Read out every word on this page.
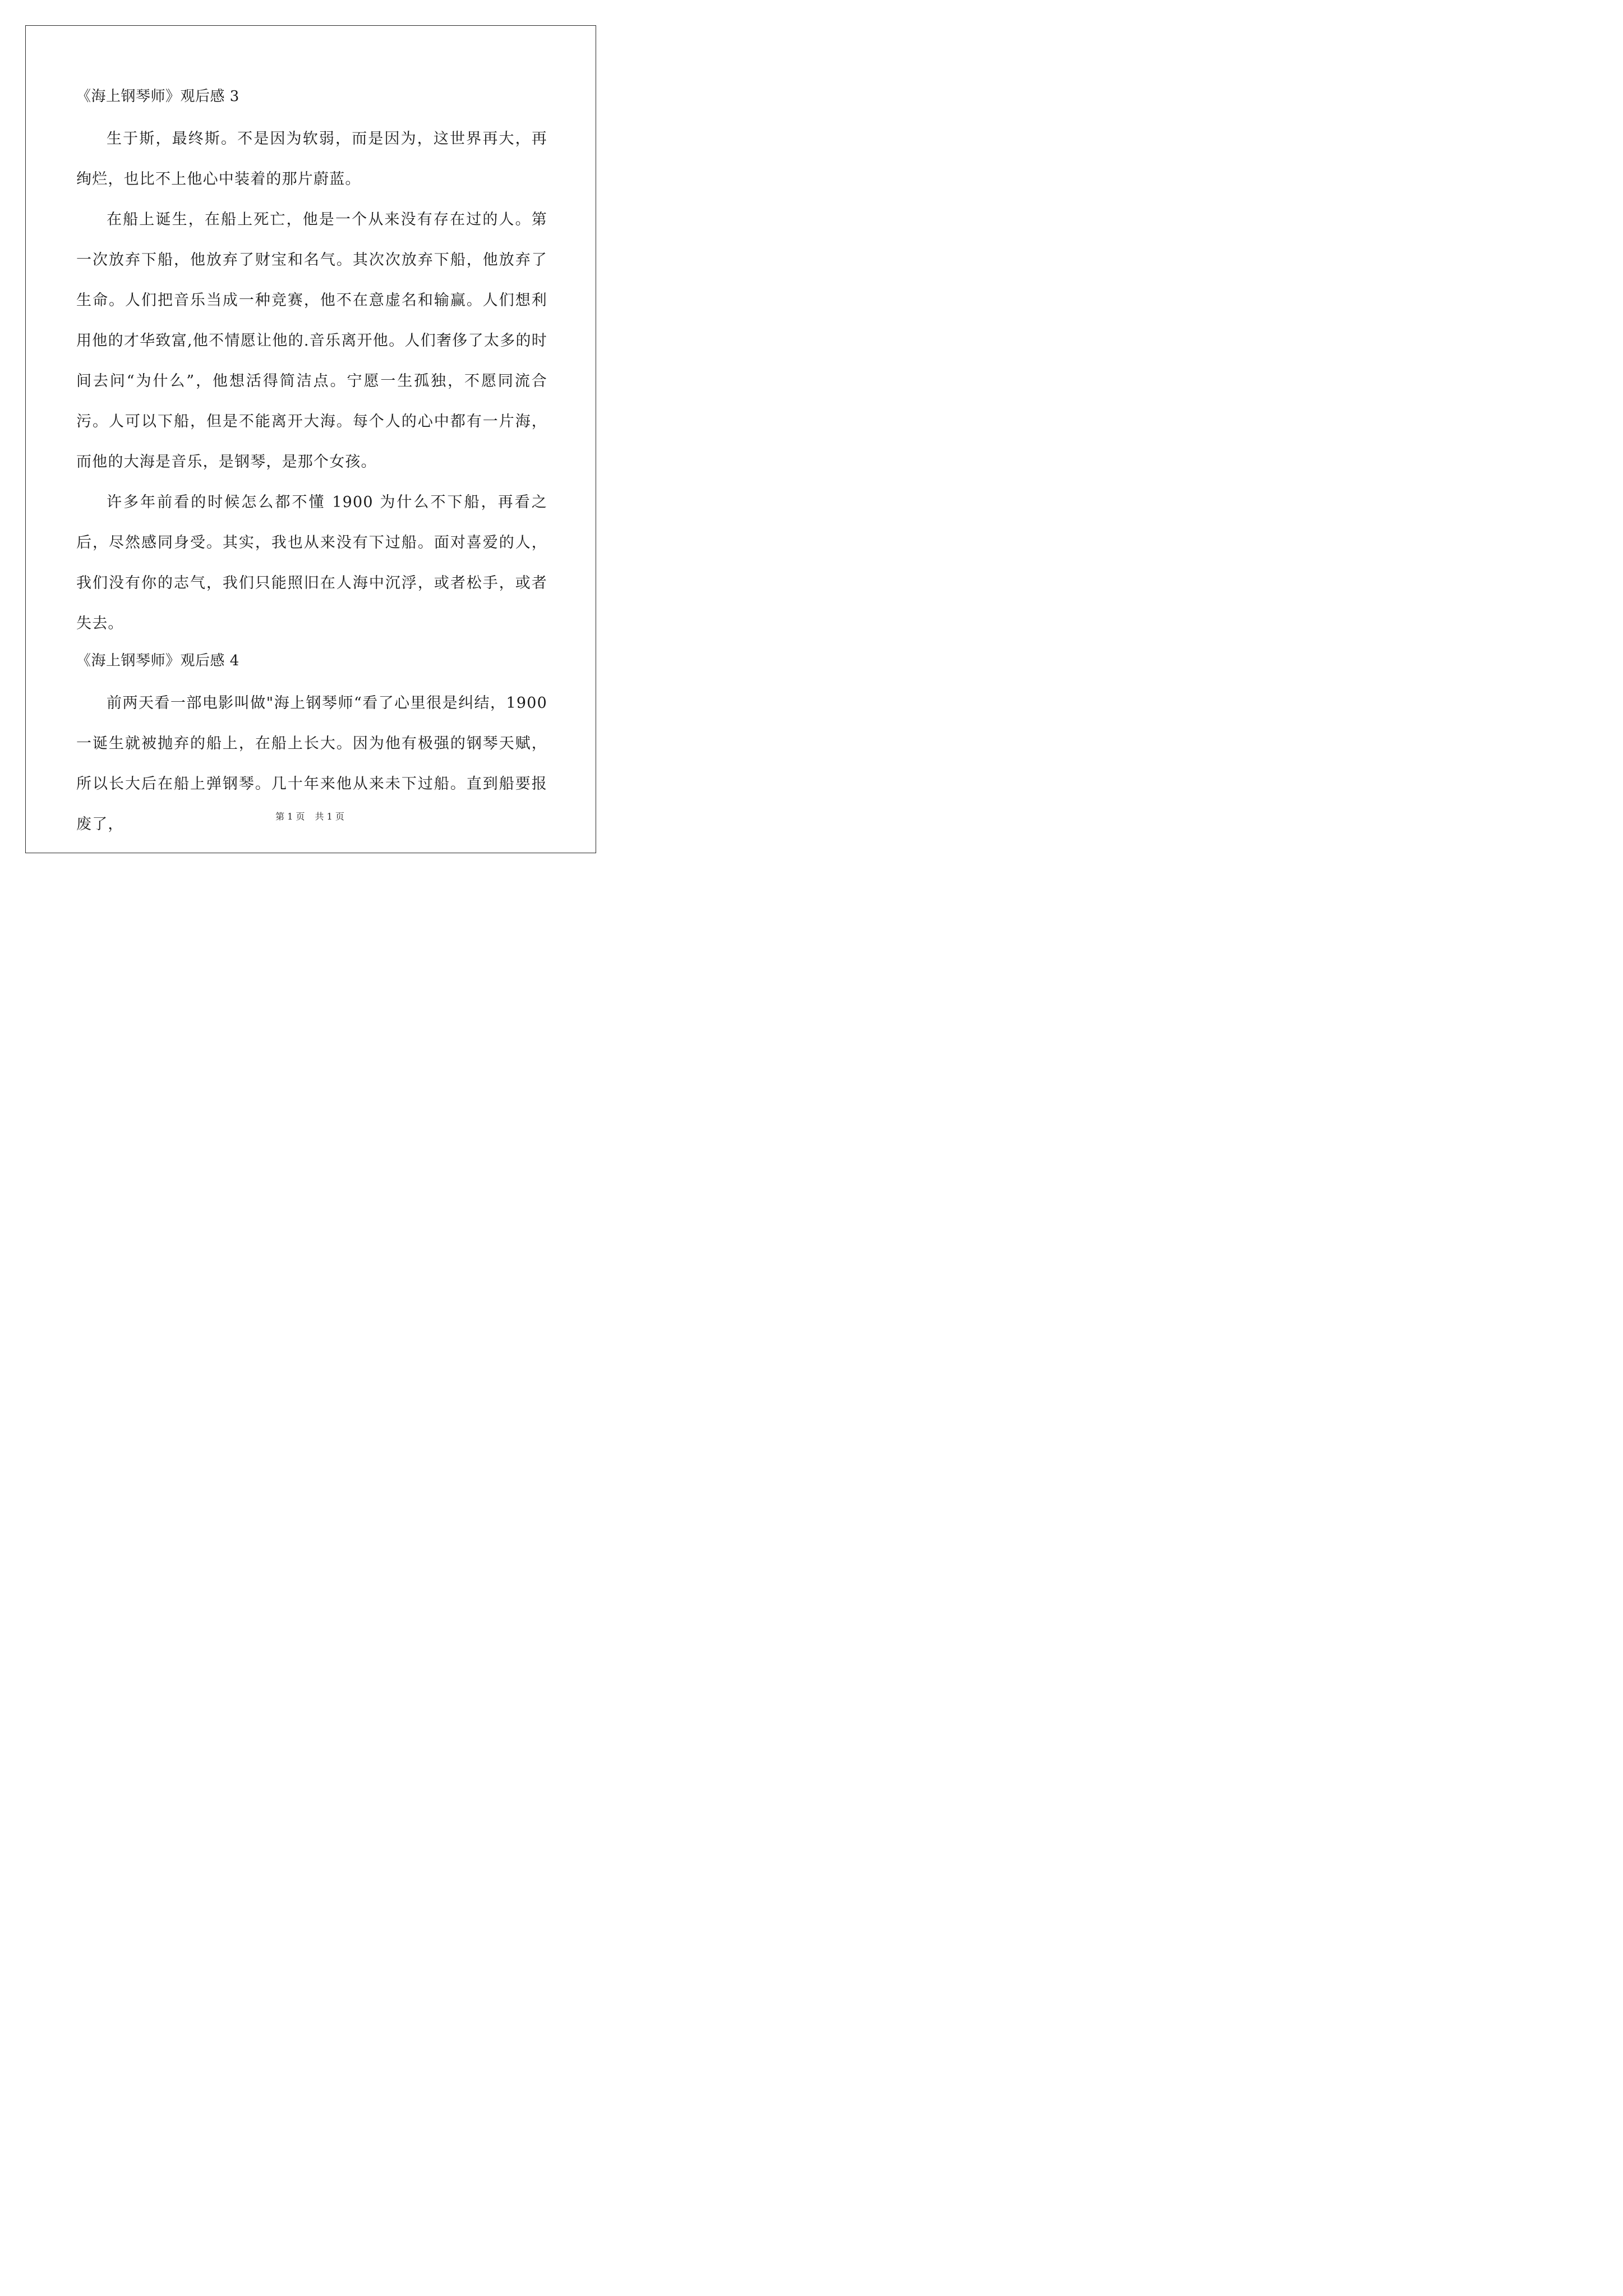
《海上钢琴师》观后感 3

生于斯，最终斯。不是因为软弱，而是因为，这世界再大，再绚烂，也比不上他心中装着的那片蔚蓝。

在船上诞生，在船上死亡，他是一个从来没有存在过的人。第一次放弃下船，他放弃了财宝和名气。其次次放弃下船，他放弃了生命。人们把音乐当成一种竞赛，他不在意虚名和输赢。人们想利用他的才华致富,他不情愿让他的.音乐离开他。人们奢侈了太多的时间去问“为什么”，他想活得简洁点。宁愿一生孤独，不愿同流合污。人可以下船，但是不能离开大海。每个人的心中都有一片海，而他的大海是音乐，是钢琴，是那个女孩。

许多年前看的时候怎么都不懂 1900 为什么不下船，再看之后，尽然感同身受。其实，我也从来没有下过船。面对喜爱的人，我们没有你的志气，我们只能照旧在人海中沉浮，或者松手，或者失去。

《海上钢琴师》观后感 4

前两天看一部电影叫做"海上钢琴师“看了心里很是纠结，1900 一诞生就被抛弃的船上，在船上长大。因为他有极强的钢琴天赋，所以长大后在船上弹钢琴。几十年来他从来未下过船。直到船要报废了，	第 1 页 共 1 页
